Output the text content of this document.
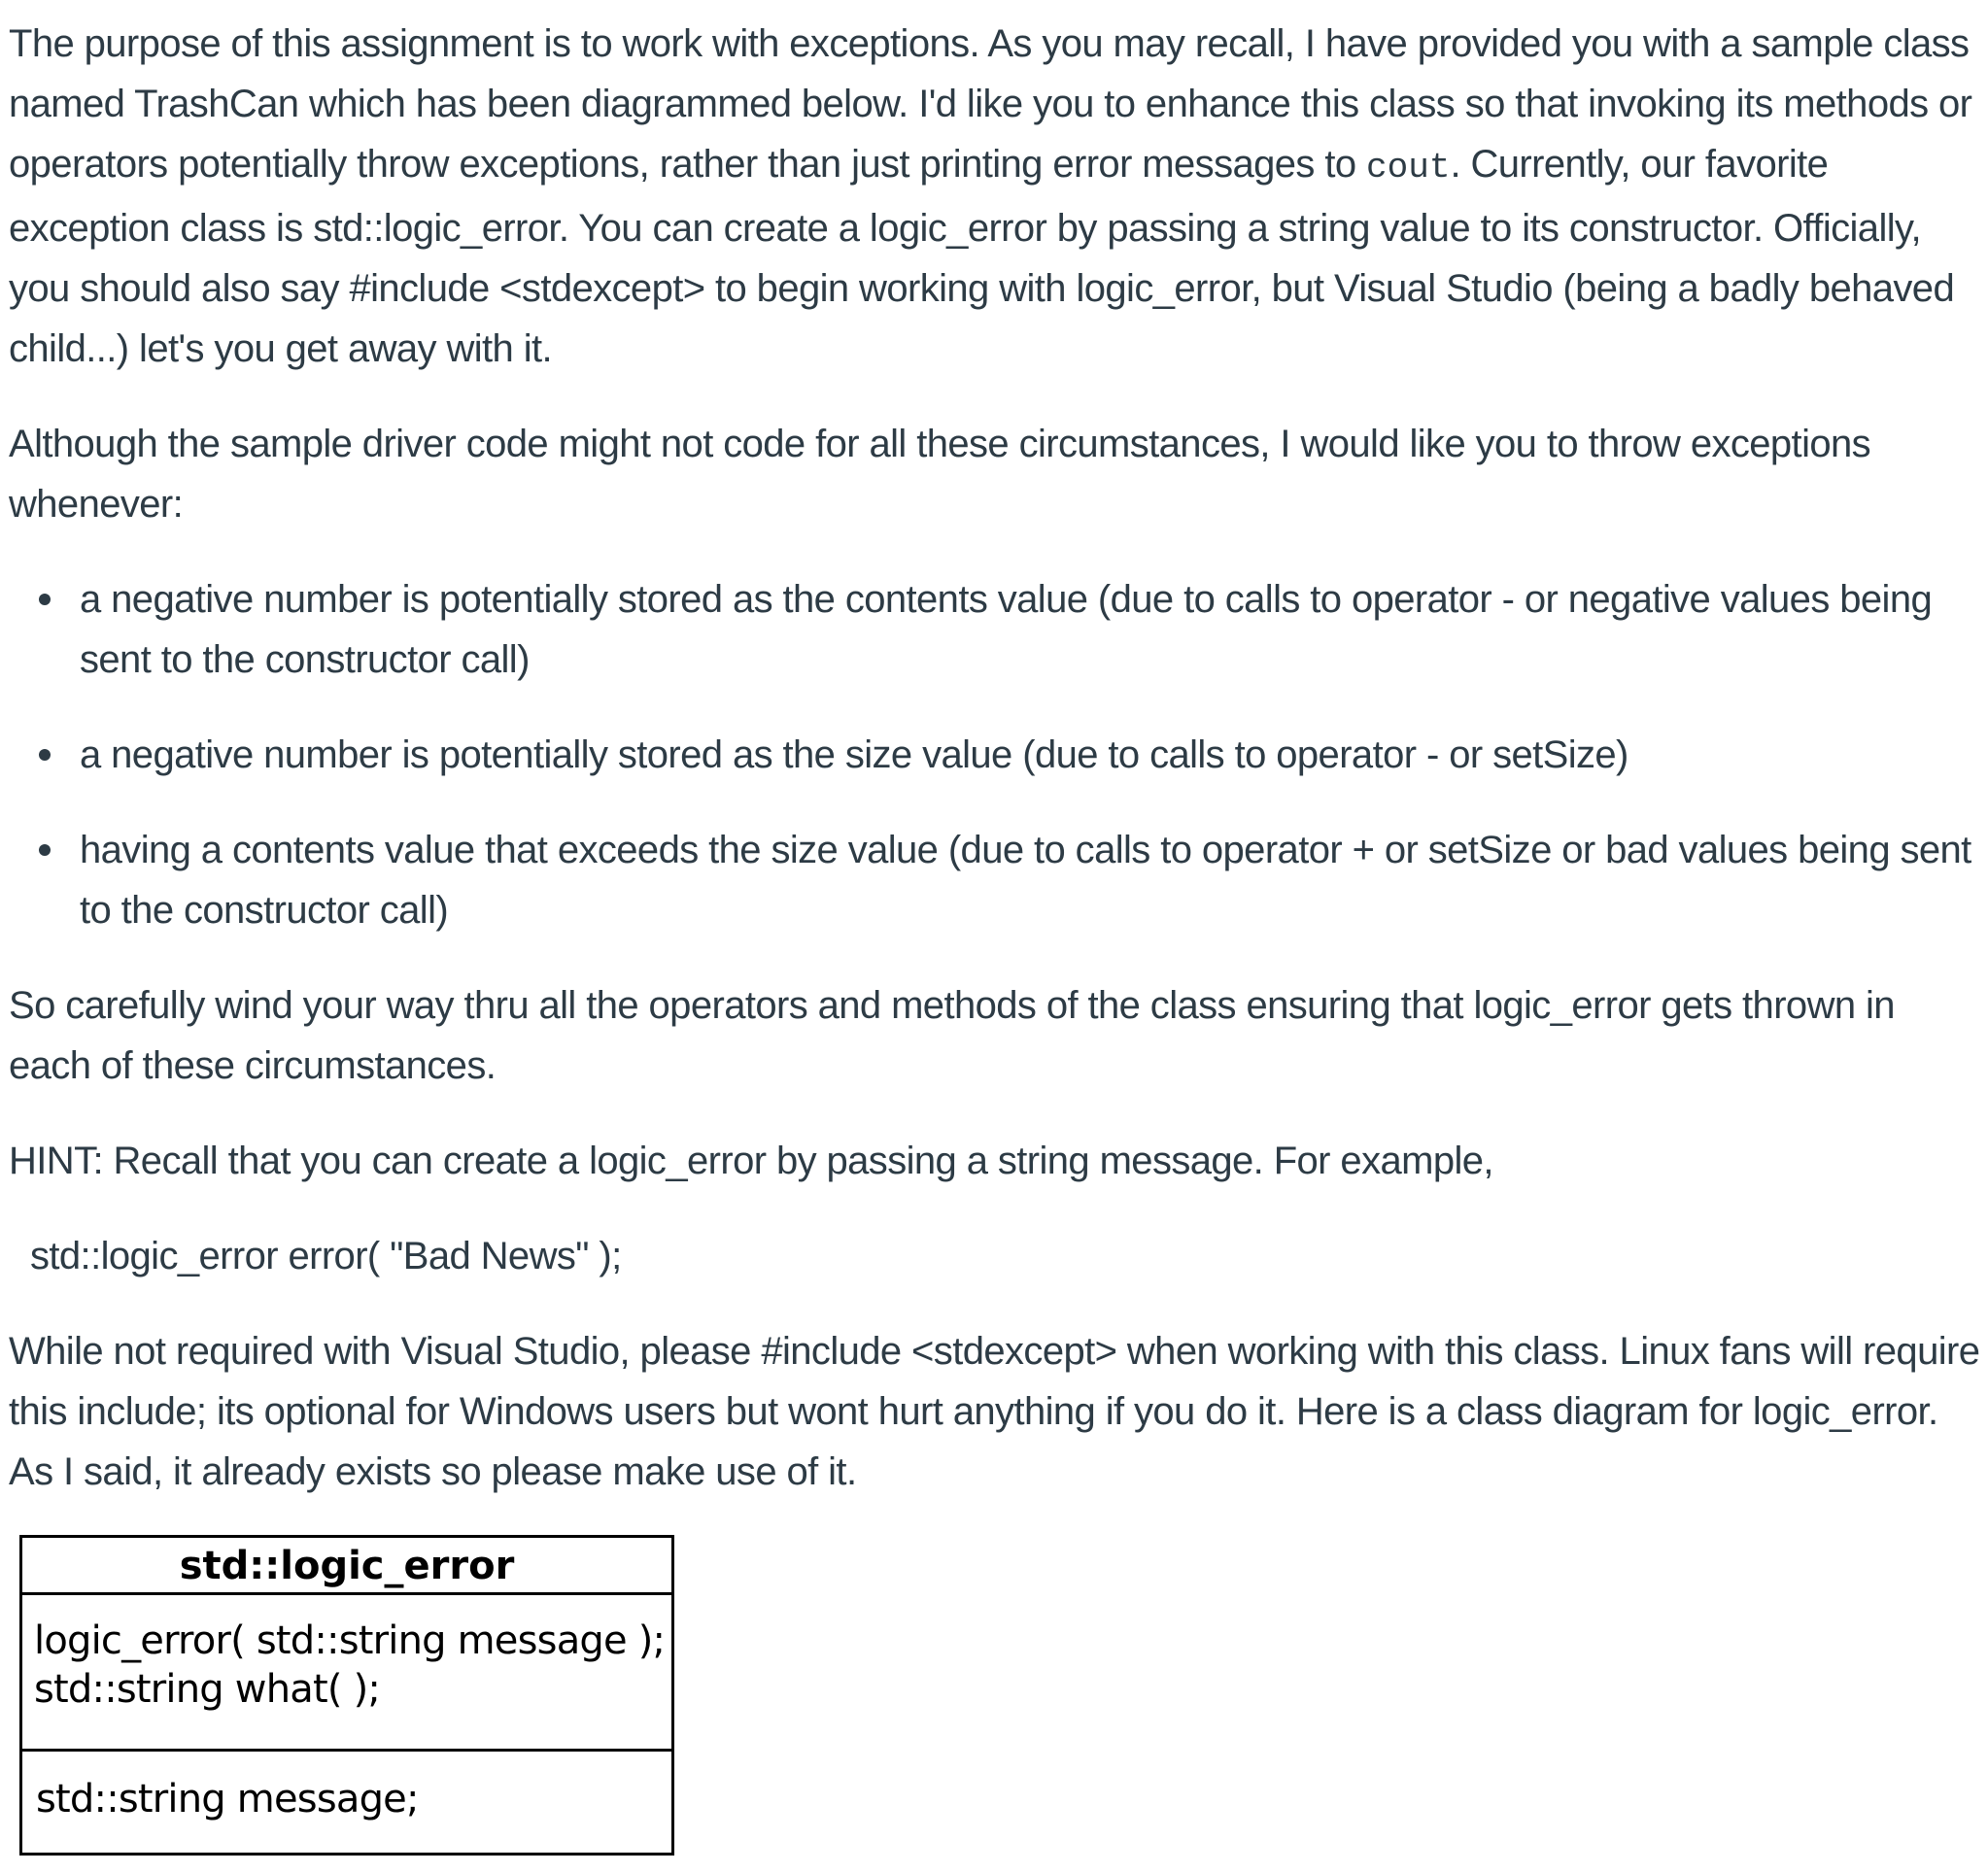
The purpose of this assignment is to work with exceptions. As you may recall, I have provided you with a sample class named TrashCan which has been diagrammed below. I'd like you to enhance this class so that invoking its methods or operators potentially throw exceptions, rather than just printing error messages to cout. Currently, our favorite exception class is std::logic_error. You can create a logic_error by passing a string value to its constructor. Officially, you should also say #include <stdexcept> to begin working with logic_error, but Visual Studio (being a badly behaved child...) let's you get away with it.

Although the sample driver code might not code for all these circumstances, I would like you to throw exceptions whenever:

a negative number is potentially stored as the contents value (due to calls to operator - or negative values being sent to the constructor call)
a negative number is potentially stored as the size value (due to calls to operator - or setSize)
having a contents value that exceeds the size value (due to calls to operator + or setSize or bad values being sent to the constructor call)

So carefully wind your way thru all the operators and methods of the class ensuring that logic_error gets thrown in each of these circumstances.

HINT: Recall that you can create a logic_error by passing a string message. For example,

std::logic_error error( "Bad News" );

While not required with Visual Studio, please #include <stdexcept> when working with this class. Linux fans will require this include; its optional for Windows users but wont hurt anything if you do it. Here is a class diagram for logic_error. As I said, it already exists so please make use of it.

std::logic_error
logic_error( std::string message );
std::string what( );
std::string message;
